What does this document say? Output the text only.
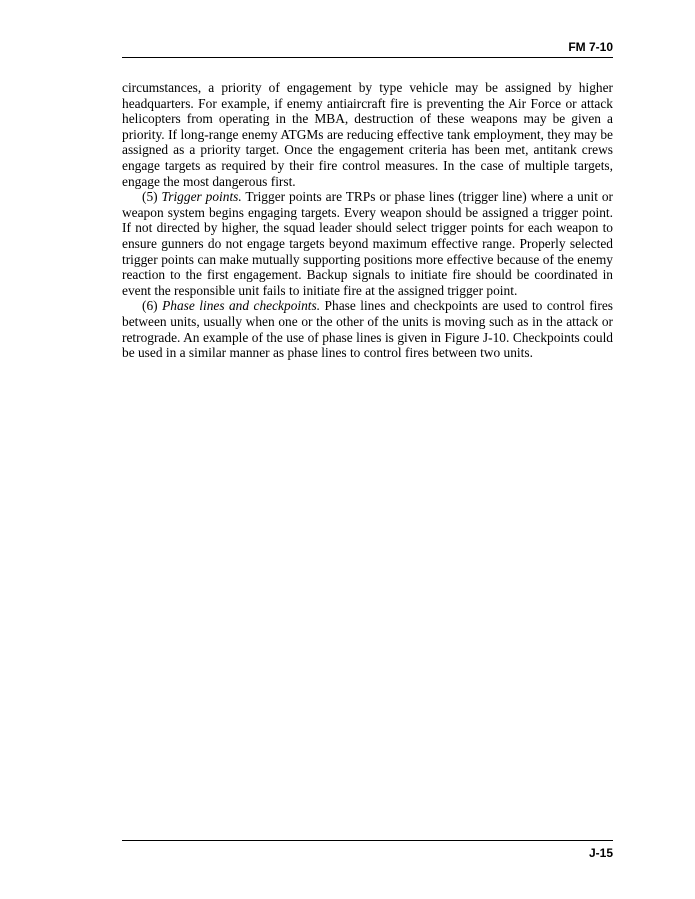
FM 7-10

circumstances, a priority of engagement by type vehicle may be assigned by higher headquarters. For example, if enemy antiaircraft fire is preventing the Air Force or attack helicopters from operating in the MBA, destruction of these weapons may be given a priority. If long-range enemy ATGMs are reducing effective tank employment, they may be assigned as a priority target. Once the engagement criteria has been met, antitank crews engage targets as required by their fire control measures. In the case of multiple targets, engage the most dangerous first.

(5) Trigger points. Trigger points are TRPs or phase lines (trigger line) where a unit or weapon system begins engaging targets. Every weapon should be assigned a trigger point. If not directed by higher, the squad leader should select trigger points for each weapon to ensure gunners do not engage targets beyond maximum effective range. Properly selected trigger points can make mutually supporting positions more effective because of the enemy reaction to the first engagement. Backup signals to initiate fire should be coordinated in event the responsible unit fails to initiate fire at the assigned trigger point.

(6) Phase lines and checkpoints. Phase lines and checkpoints are used to control fires between units, usually when one or the other of the units is moving such as in the attack or retrograde. An example of the use of phase lines is given in Figure J-10. Checkpoints could be used in a similar manner as phase lines to control fires between two units.

J-15
